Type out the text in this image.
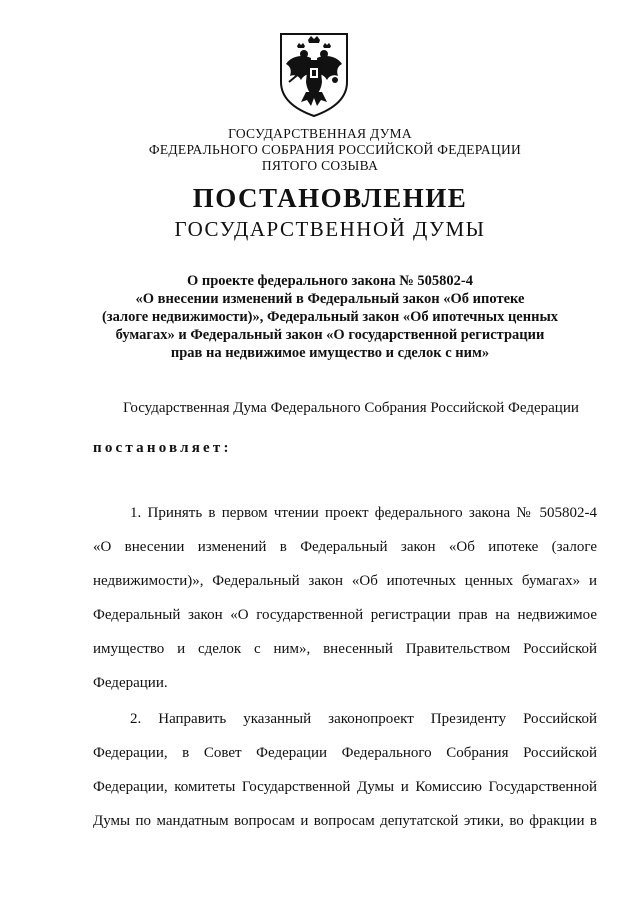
ГОСУДАРСТВЕННАЯ ДУМА
ФЕДЕРАЛЬНОГО СОБРАНИЯ РОССИЙСКОЙ ФЕДЕРАЦИИ
ПЯТОГО СОЗЫВА
ПОСТАНОВЛЕНИЕ
ГОСУДАРСТВЕННОЙ ДУМЫ
О проекте федерального закона № 505802-4
«О внесении изменений в Федеральный закон «Об ипотеке
(залоге недвижимости)», Федеральный закон «Об ипотечных ценных
бумагах» и Федеральный закон «О государственной регистрации
прав на недвижимое имущество и сделок с ним»
Государственная Дума Федерального Собрания Российской Федерации
постановляет:
1. Принять в первом чтении проект федерального закона № 505802-4
«О внесении изменений в Федеральный закон «Об ипотеке (залоге
недвижимости)», Федеральный закон «Об ипотечных ценных бумагах» и
Федеральный закон «О государственной регистрации прав на недвижимое
имущество и сделок с ним», внесенный Правительством Российской
Федерации.
2. Направить указанный законопроект Президенту Российской
Федерации, в Совет Федерации Федерального Собрания Российской
Федерации, комитеты Государственной Думы и Комиссию Государственной
Думы по мандатным вопросам и вопросам депутатской этики, во фракции в
